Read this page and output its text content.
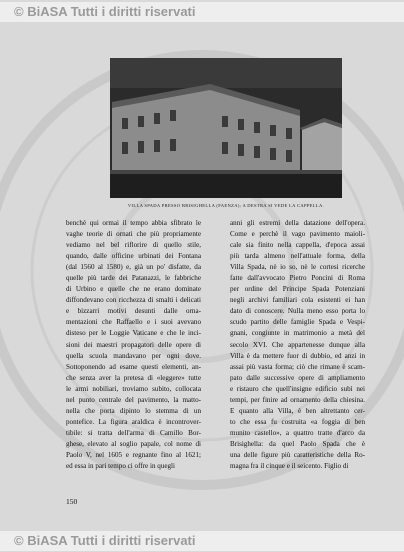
© BiASA Tutti i diritti riservati
VILLA SPADA PRESSO BRISIGHELLA (FAENZA); A DESTRA SI VEDE LA CAPPELLA.
benchè qui ormai il tempo abbia sfibrato le
vaghe teorie di ornati che più propriamente
vediamo nel bel riflorire di quello stile,
quando, dalle officine urbinati dei Fontana
(dal 1560 al 1580) e, già un po' disfatte, da
quelle più tarde dei Patanazzi, le fabbriche
di Urbino e quelle che ne erano dominate
diffondevano con ricchezza di smalti i delicati
e bizzarri motivi desunti dalle orna-
mentazioni che Raffaello e i suoi avevano
disteso per le Loggie Vaticane e che le inci-
sioni dei maestri propagatori delle opere di
quella scuola mandavano per ogni dove.
Sottoponendo ad esame questi elementi, an-
che senza aver la pretesa di «leggere» tutte
le armi nobiliari, troviamo subito, collocata
nel punto centrale del pavimento, la matto-
nella che porta dipinto lo stemma di un
pontefice. La figura araldica è incontrover-
tibile: si tratta dell'arma di Camillo Bor-
ghese, elevato al soglio papale, col nome di
Paolo V, nel 1605 e regnante fino al 1621;
ed essa in pari tempo ci offre in quegli
anni gli estremi della datazione dell'opera.
Come e perchè il vago pavimento maioli-
cale sia finito nella cappella, d'epoca assai
più tarda almeno nell'attuale forma, della
Villa Spada, nè io so, nè le cortesi ricerche
fatte dall'avvocato Pietro Poncini di Roma
per ordine del Principe Spada Potenziani
negli archivi familiari cola esistenti ei han
dato di conoscere. Nulla meno esso porta lo
scudo partito delle famiglie Spada e Vespi-
gnani, congiunte in matrimonio a metà del
secolo XVI. Che appartenesse dunque alla
Villa è da mettere fuor di dubbio, ed anzi in
assai più vasta forma; ciò che rimane è scam-
pato dalle successive opere di ampliamento
e ristauro che quell'insigne edificio subì nei
tempi, per finire ad ornamento della chiesina.
E quanto alla Villa, è ben altrettanto cer-
to che essa fu costruita «a foggia di ben
munito castello», a quattro tratte d'arco da
Brisighella: da quel Paolo Spada che è
una delle figure più caratteristiche della Ro-
magna fra il cinque e il seicento. Figlio di
150
© BiASA Tutti i diritti riservati
